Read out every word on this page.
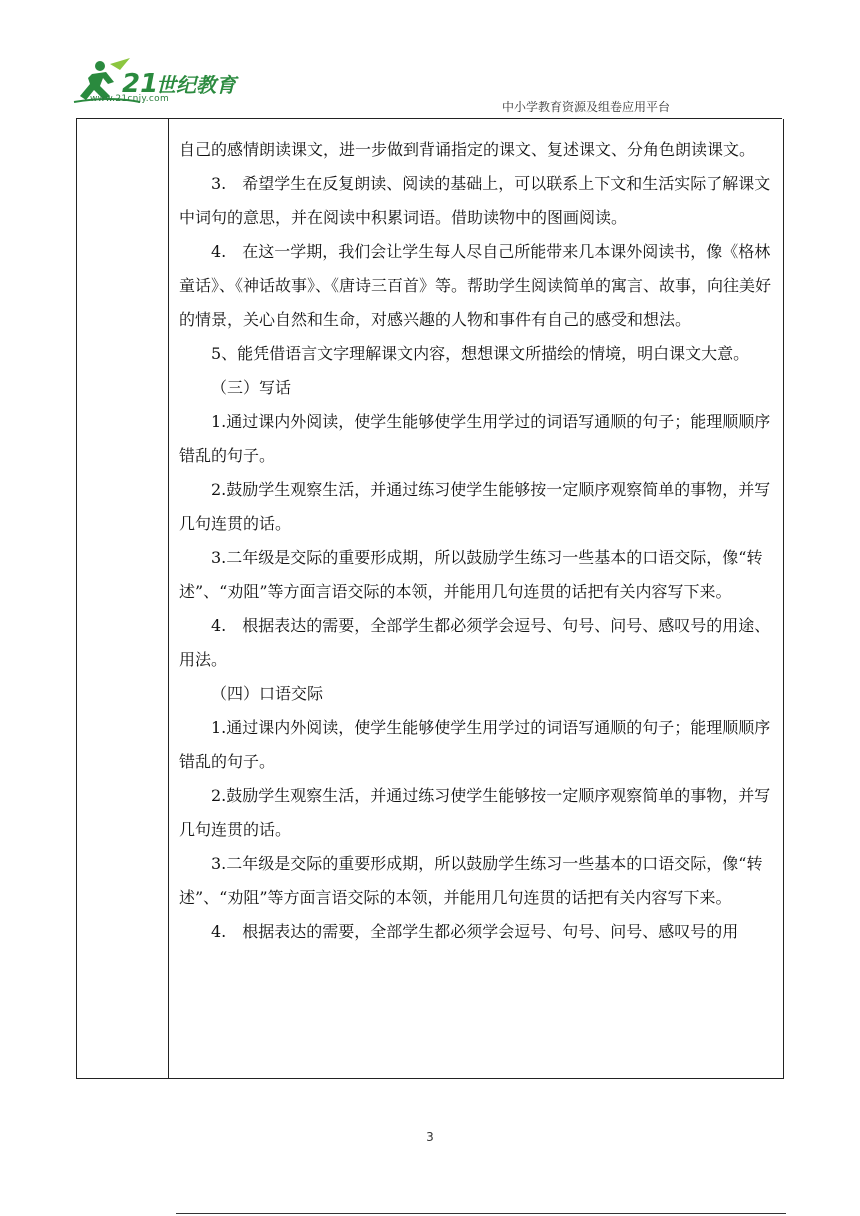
21
世纪教育
www.21cnjy.com
中小学教育资源及组卷应用平台

自己的感情朗读课文，进一步做到背诵指定的课文、复述课文、分角色朗读课文。

3.　希望学生在反复朗读、阅读的基础上，可以联系上下文和生活实际了解课文中词句的意思，并在阅读中积累词语。借助读物中的图画阅读。

4.　在这一学期，我们会让学生每人尽自己所能带来几本课外阅读书，像《格林童话》、《神话故事》、《唐诗三百首》等。帮助学生阅读简单的寓言、故事，向往美好的情景，关心自然和生命，对感兴趣的人物和事件有自己的感受和想法。

5、能凭借语言文字理解课文内容，想想课文所描绘的情境，明白课文大意。

（三）写话

1.通过课内外阅读，使学生能够使学生用学过的词语写通顺的句子；能理顺顺序错乱的句子。

2.鼓励学生观察生活，并通过练习使学生能够按一定顺序观察简单的事物，并写几句连贯的话。

3.二年级是交际的重要形成期，所以鼓励学生练习一些基本的口语交际，像“转述”、“劝阻”等方面言语交际的本领，并能用几句连贯的话把有关内容写下来。

4.　根据表达的需要，全部学生都必须学会逗号、句号、问号、感叹号的用途、用法。

（四）口语交际

1.通过课内外阅读，使学生能够使学生用学过的词语写通顺的句子；能理顺顺序错乱的句子。

2.鼓励学生观察生活，并通过练习使学生能够按一定顺序观察简单的事物，并写几句连贯的话。

3.二年级是交际的重要形成期，所以鼓励学生练习一些基本的口语交际，像“转述”、“劝阻”等方面言语交际的本领，并能用几句连贯的话把有关内容写下来。

4.　根据表达的需要，全部学生都必须学会逗号、句号、问号、感叹号的用

3
